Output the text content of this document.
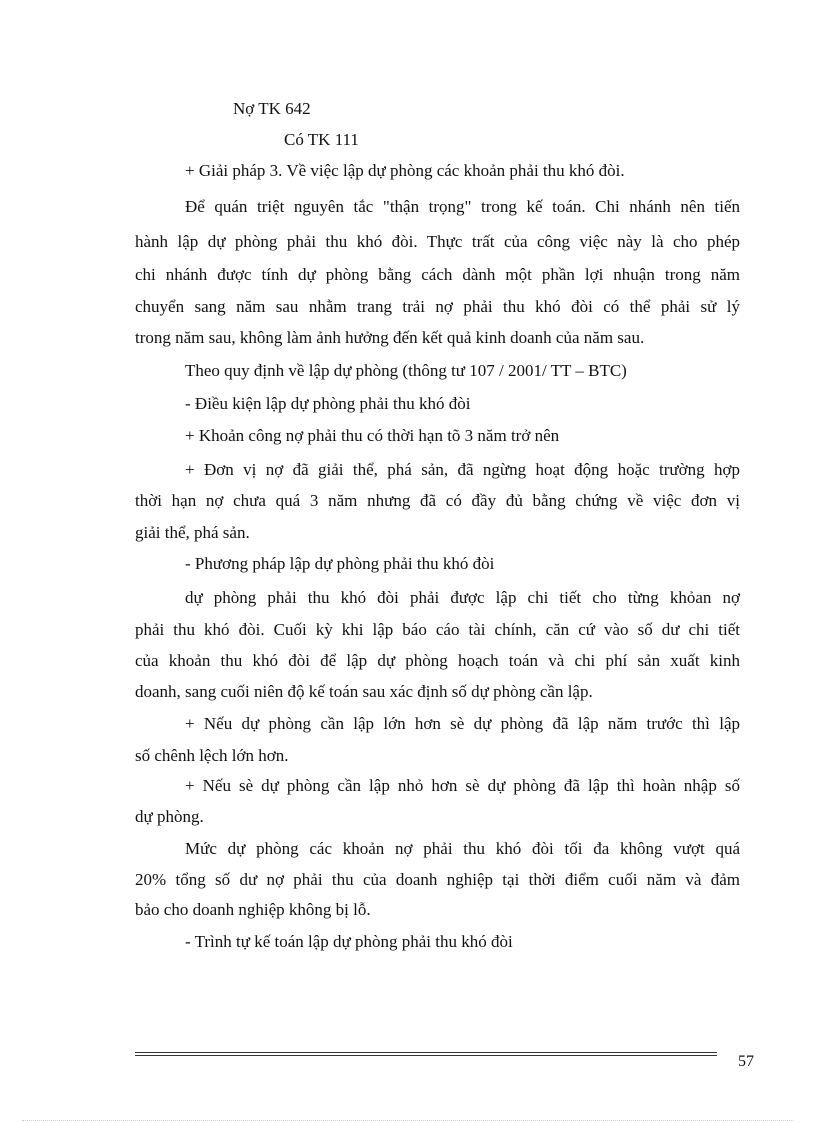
Nợ TK 642
Có TK 111
+ Giải pháp 3. Về việc lập dự phòng các khoản phải thu khó đòi.
Để quán triệt nguyên tắc "thận trọng" trong kế toán. Chi nhánh nên tiến
hành lập dự phòng phải thu khó đòi. Thực trất của công việc này là cho phép
chi nhánh được tính dự phòng bằng cách dành một phần lợi nhuận trong năm
chuyển sang năm sau nhằm trang trải nợ phải thu khó đòi có thể phải sử lý
trong năm sau, không làm ảnh hưởng đến kết quả kinh doanh của năm sau.
Theo quy định về lập dự phòng (thông tư 107 / 2001/ TT – BTC)
- Điều kiện lập dự phòng phải thu khó đòi
+ Khoản công nợ phải thu có thời hạn tõ 3 năm trở nên
+ Đơn vị nợ đã giải thể, phá sản, đã ngừng hoạt động hoặc trường hợp
thời hạn nợ chưa quá 3 năm nhưng đã có đầy đủ bằng chứng về việc đơn vị
giải thể, phá sản.
- Phương pháp lập dự phòng phải thu khó đòi
dự phòng phải thu khó đòi phải được lập chi tiết cho từng khỏan nợ
phải thu khó đòi. Cuối kỳ khi lập báo cáo tài chính, căn cứ vào số dư chi tiết
của khoản thu khó đòi để lập dự phòng hoạch toán và chi phí sản xuất kinh
doanh, sang cuối niên độ kế toán sau xác định số dự phòng cần lập.
+ Nếu dự phòng cần lập lớn hơn sè dự phòng đã lập năm trước thì lập
số chênh lệch lớn hơn.
+ Nếu sè dự phòng cần lập nhỏ hơn sè dự phòng đã lập thì hoàn nhập số
dự phòng.
Mức dự phòng các khoản nợ phải thu khó đòi tối đa không vượt quá
20% tổng số dư nợ phải thu của doanh nghiệp tại thời điểm cuối năm và đảm
bảo cho doanh nghiệp không bị lỗ.
- Trình tự kế toán lập dự phòng phải thu khó đòi
57
